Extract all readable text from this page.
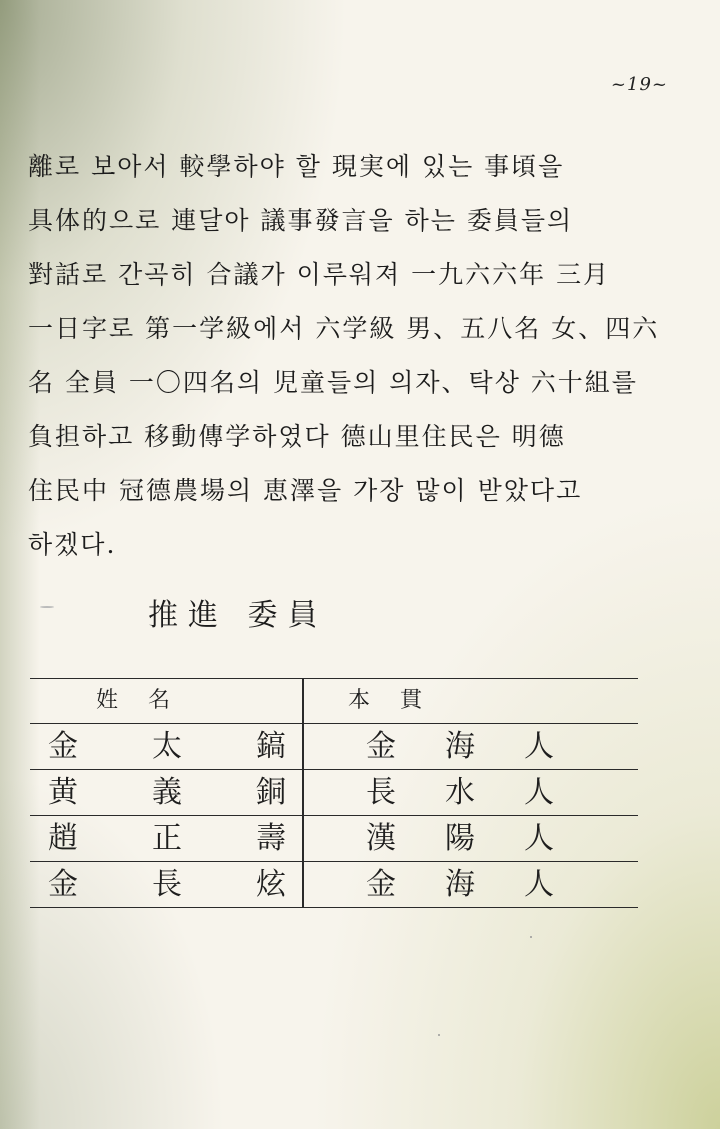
~19~
離로 보아서 較學하야 할 現実에 있는 事頃을
具体的으로 連달아 議事發言을 하는 委員들의
對話로 간곡히 合議가 이루워져 一九六六年 三月
一日字로 第一学級에서 六学級 男、五八名 女、四六
名 全員 一〇四名의 児童들의 의자、탁상 六十組를
負担하고 移動傳学하였다 德山里住民은 明德
住民中 冠德農場의 恵澤을 가장 많이 받았다고
하겠다.
推進 委員
姓名	本貫
金 太 鎬	金 海 人
黄 義 銅	長 水 人
趙 正 壽	漢 陽 人
金 長 炫	金 海 人
